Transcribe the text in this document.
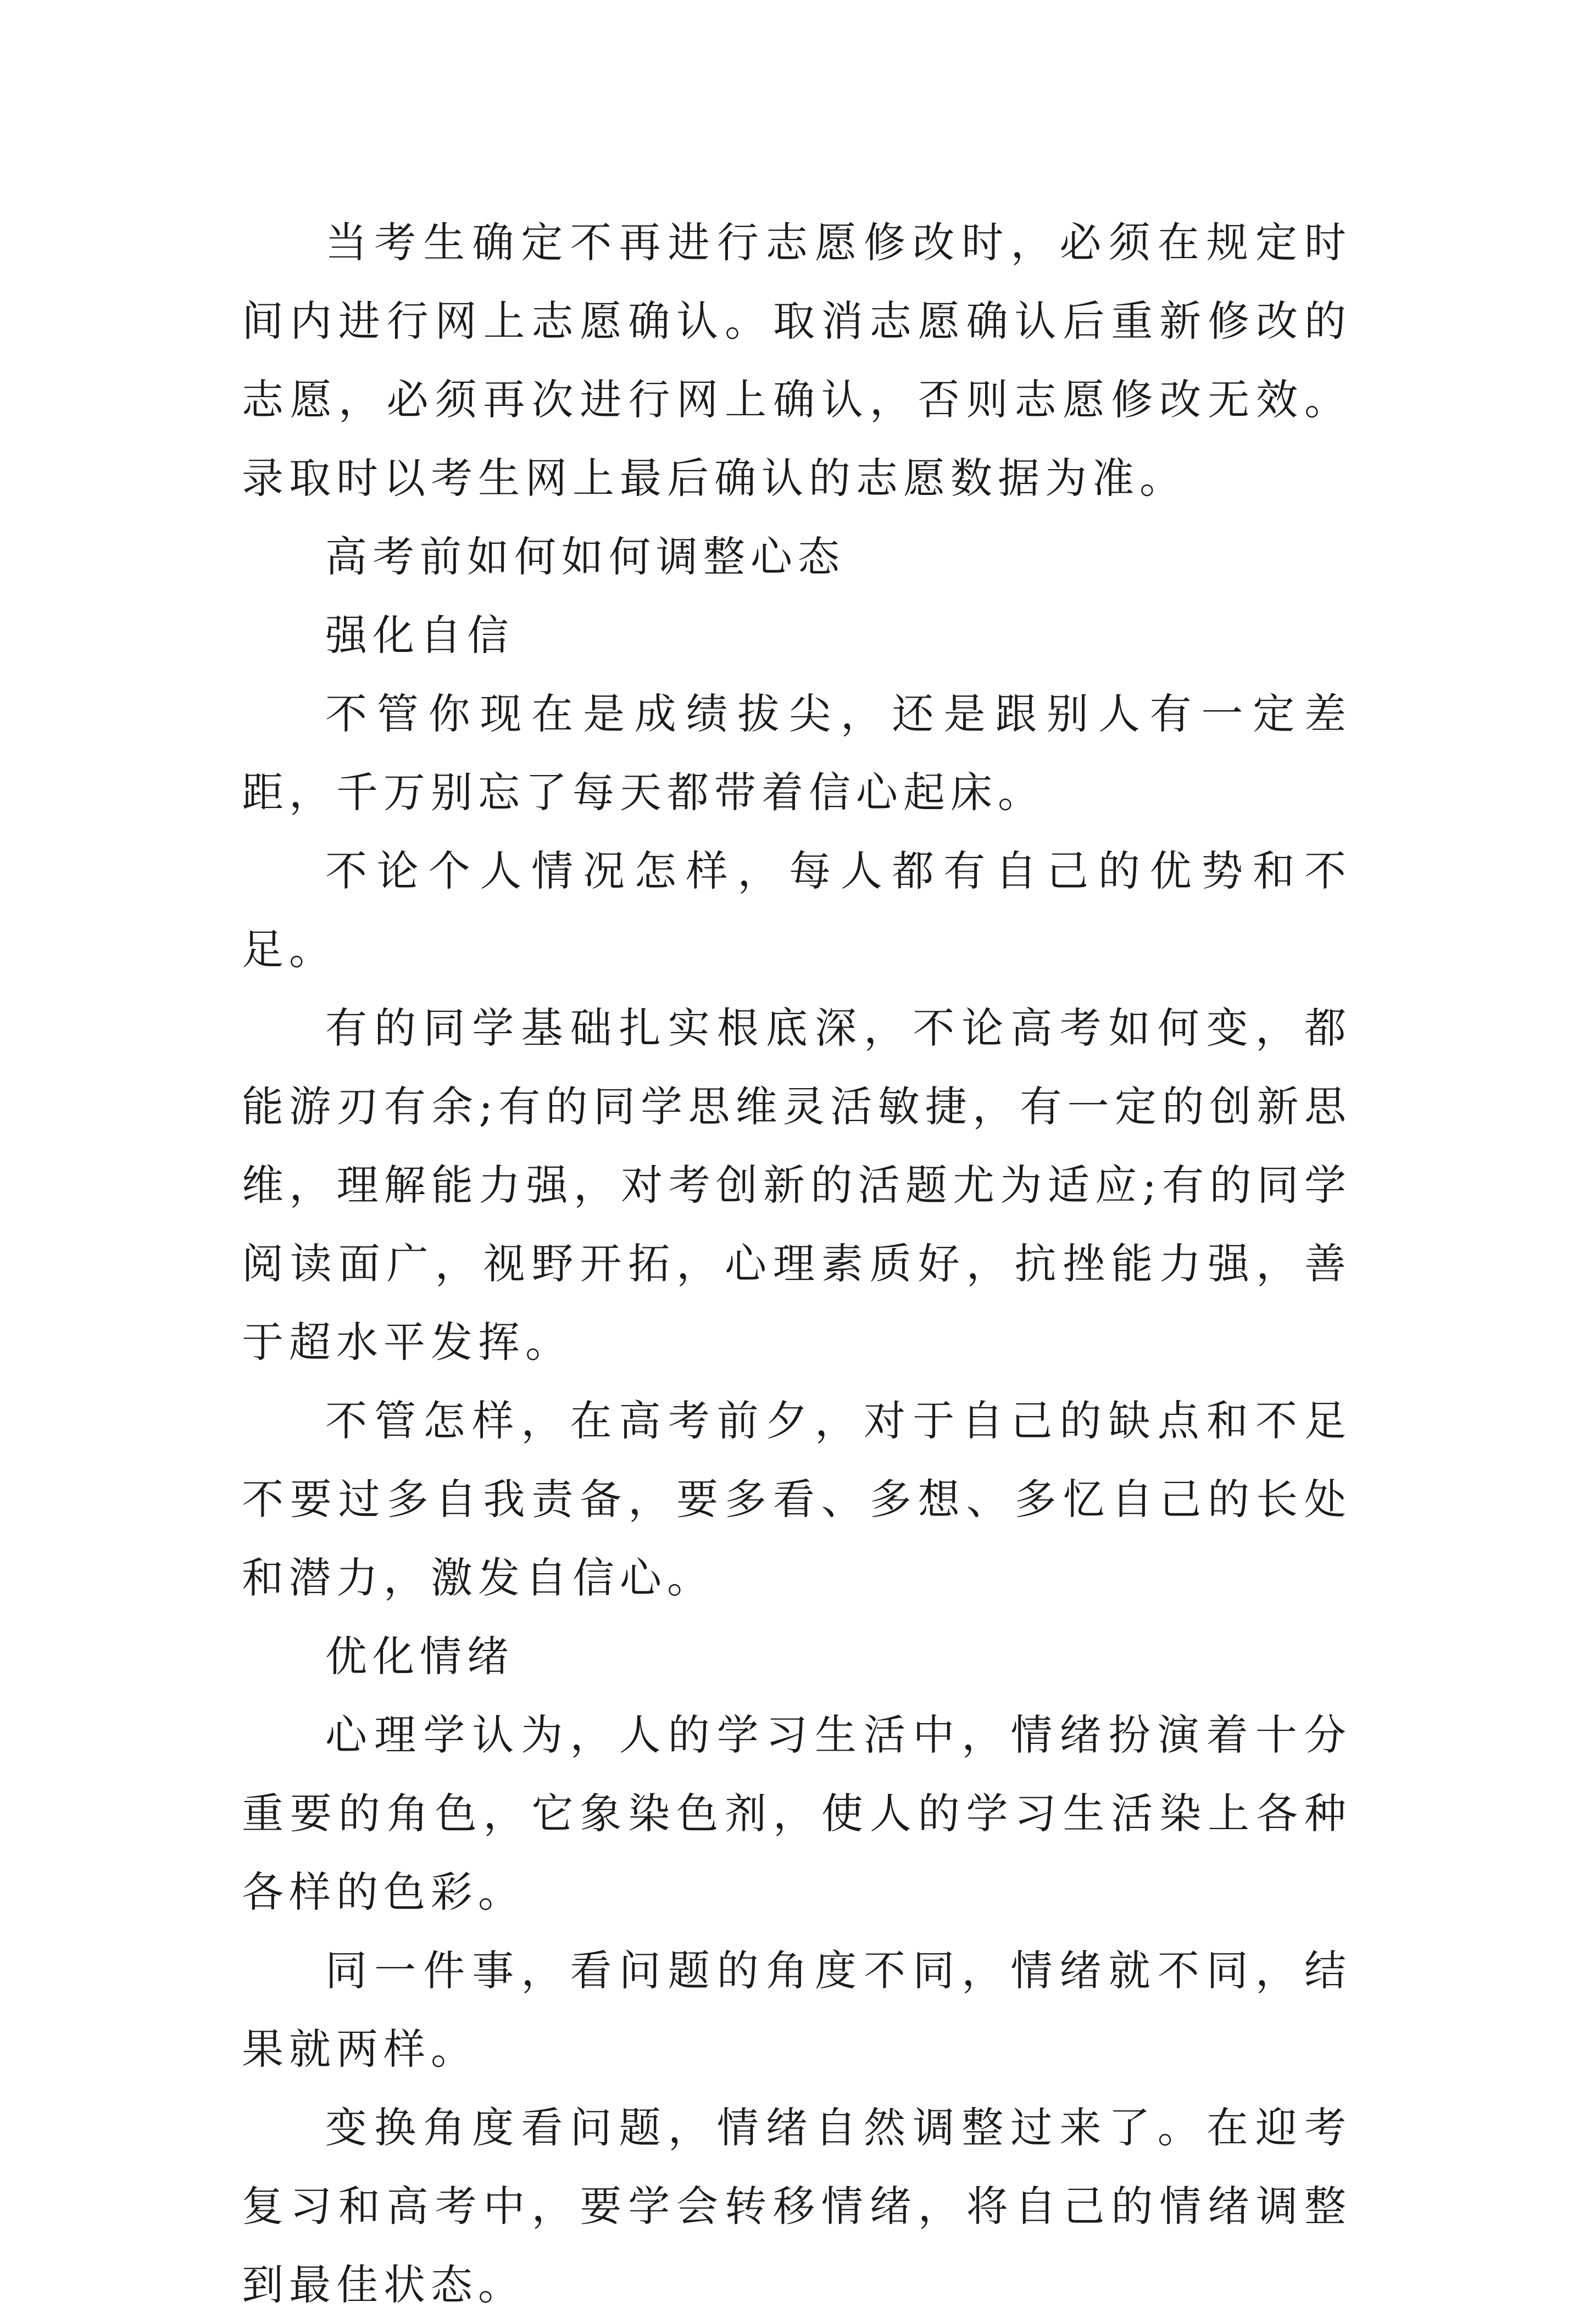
当考生确定不再进行志愿修改时，必须在规定时间内进行网上志愿确认。取消志愿确认后重新修改的志愿，必须再次进行网上确认，否则志愿修改无效。录取时以考生网上最后确认的志愿数据为准。

高考前如何如何调整心态

强化自信

不管你现在是成绩拔尖，还是跟别人有一定差距，千万别忘了每天都带着信心起床。

不论个人情况怎样，每人都有自己的优势和不足。

有的同学基础扎实根底深，不论高考如何变，都能游刃有余;有的同学思维灵活敏捷，有一定的创新思维，理解能力强，对考创新的活题尤为适应;有的同学阅读面广，视野开拓，心理素质好，抗挫能力强，善于超水平发挥。

不管怎样，在高考前夕，对于自己的缺点和不足不要过多自我责备，要多看、多想、多忆自己的长处和潜力，激发自信心。

优化情绪

心理学认为，人的学习生活中，情绪扮演着十分重要的角色，它象染色剂，使人的学习生活染上各种各样的色彩。

同一件事，看问题的角度不同，情绪就不同，结果就两样。

变换角度看问题，情绪自然调整过来了。在迎考复习和高考中，要学会转移情绪，将自己的情绪调整到最佳状态。
